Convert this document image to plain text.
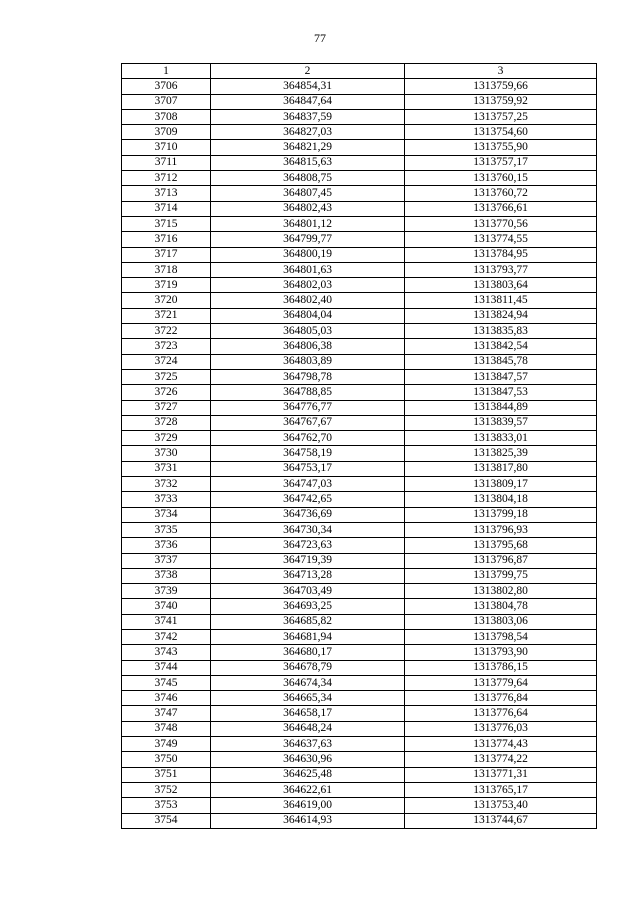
77
1	2	3
3706	364854,31	1313759,66
3707	364847,64	1313759,92
3708	364837,59	1313757,25
3709	364827,03	1313754,60
3710	364821,29	1313755,90
3711	364815,63	1313757,17
3712	364808,75	1313760,15
3713	364807,45	1313760,72
3714	364802,43	1313766,61
3715	364801,12	1313770,56
3716	364799,77	1313774,55
3717	364800,19	1313784,95
3718	364801,63	1313793,77
3719	364802,03	1313803,64
3720	364802,40	1313811,45
3721	364804,04	1313824,94
3722	364805,03	1313835,83
3723	364806,38	1313842,54
3724	364803,89	1313845,78
3725	364798,78	1313847,57
3726	364788,85	1313847,53
3727	364776,77	1313844,89
3728	364767,67	1313839,57
3729	364762,70	1313833,01
3730	364758,19	1313825,39
3731	364753,17	1313817,80
3732	364747,03	1313809,17
3733	364742,65	1313804,18
3734	364736,69	1313799,18
3735	364730,34	1313796,93
3736	364723,63	1313795,68
3737	364719,39	1313796,87
3738	364713,28	1313799,75
3739	364703,49	1313802,80
3740	364693,25	1313804,78
3741	364685,82	1313803,06
3742	364681,94	1313798,54
3743	364680,17	1313793,90
3744	364678,79	1313786,15
3745	364674,34	1313779,64
3746	364665,34	1313776,84
3747	364658,17	1313776,64
3748	364648,24	1313776,03
3749	364637,63	1313774,43
3750	364630,96	1313774,22
3751	364625,48	1313771,31
3752	364622,61	1313765,17
3753	364619,00	1313753,40
3754	364614,93	1313744,67
